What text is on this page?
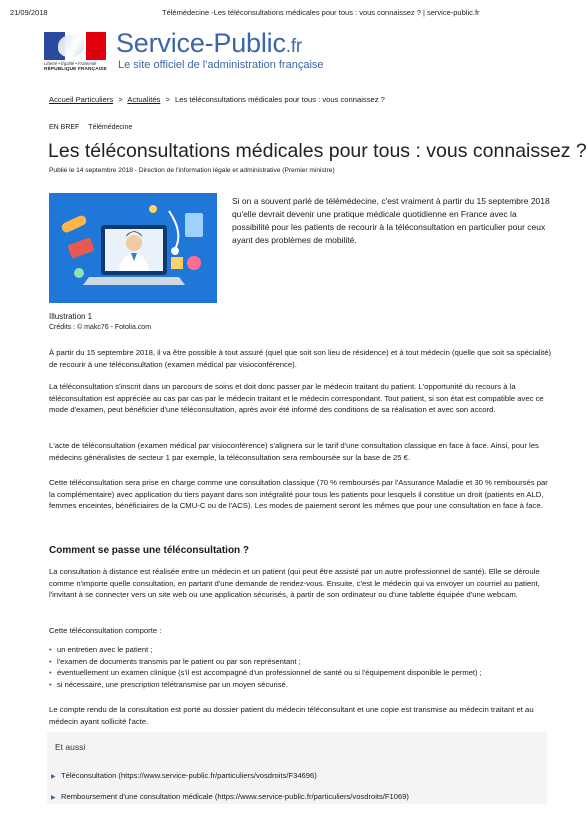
21/09/2018	Télémédecine -Les téléconsultations médicales pour tous : vous connaissez ? | service-public.fr
Liberté • Égalité • Fraternité
RÉPUBLIQUE FRANÇAISE
Service-Public.fr
Le site officiel de l'administration française
Accueil Particuliers > Actualités > Les téléconsultations médicales pour tous : vous connaissez ?
EN BREF Télémédecine
Les téléconsultations médicales pour tous : vous connaissez ?
Publié le 14 septembre 2018 - Direction de l'information légale et administrative (Premier ministre)
Si on a souvent parlé de télémédecine, c'est vraiment à partir du 15 septembre 2018 qu'elle devrait devenir une pratique médicale quotidienne en France avec la possibilité pour les patients de recourir à la téléconsultation en particulier pour ceux ayant des problèmes de mobilité.
Illustration 1
Crédits : © makc76 - Fotolia.com

À partir du 15 septembre 2018, il va être possible à tout assuré (quel que soit son lieu de résidence) et à tout médecin (quelle que soit sa spécialité) de recourir à une téléconsultation (examen médical par visioconférence).

La téléconsultation s'inscrit dans un parcours de soins et doit donc passer par le médecin traitant du patient. L'opportunité du recours à la téléconsultation est appréciée au cas par cas par le médecin traitant et le médecin correspondant. Tout patient, si son état est compatible avec ce mode d'examen, peut bénéficier d'une téléconsultation, après avoir été informé des conditions de sa réalisation et avec son accord.

L'acte de téléconsultation (examen médical par visioconférence) s'alignera sur le tarif d'une consultation classique en face à face. Ainsi, pour les médecins généralistes de secteur 1 par exemple, la téléconsultation sera remboursée sur la base de 25 €.

Cette téléconsultation sera prise en charge comme une consultation classique (70 % remboursés par l'Assurance Maladie et 30 % remboursés par la complémentaire) avec application du tiers payant dans son intégralité pour tous les patients pour lesquels il constitue un droit (patients en ALD, femmes enceintes, bénéficiaires de la CMU-C ou de l'ACS). Les modes de paiement seront les mêmes que pour une consultation en face à face.

Comment se passe une téléconsultation ?

La consultation à distance est réalisée entre un médecin et un patient (qui peut être assisté par un autre professionnel de santé). Elle se déroule comme n'importe quelle consultation, en partant d'une demande de rendez-vous. Ensuite, c'est le médecin qui va envoyer un courriel au patient, l'invitant à se connecter vers un site web ou une application sécurisés, à partir de son ordinateur ou d'une tablette équipée d'une webcam.

Cette téléconsultation comporte :

• un entretien avec le patient ;
• l'examen de documents transmis par le patient ou par son représentant ;
• éventuellement un examen clinique (s'il est accompagné d'un professionnel de santé ou si l'équipement disponible le permet) ;
• si nécessaire, une prescription télétransmise par un moyen sécurisé.

Le compte rendu de la consultation est porté au dossier patient du médecin téléconsultant et une copie est transmise au médecin traitant et au médecin ayant sollicité l'acte.

Et aussi
▶ Téléconsultation (https://www.service-public.fr/particuliers/vosdroits/F34696)
▶ Remboursement d'une consultation médicale (https://www.service-public.fr/particuliers/vosdroits/F1069)
